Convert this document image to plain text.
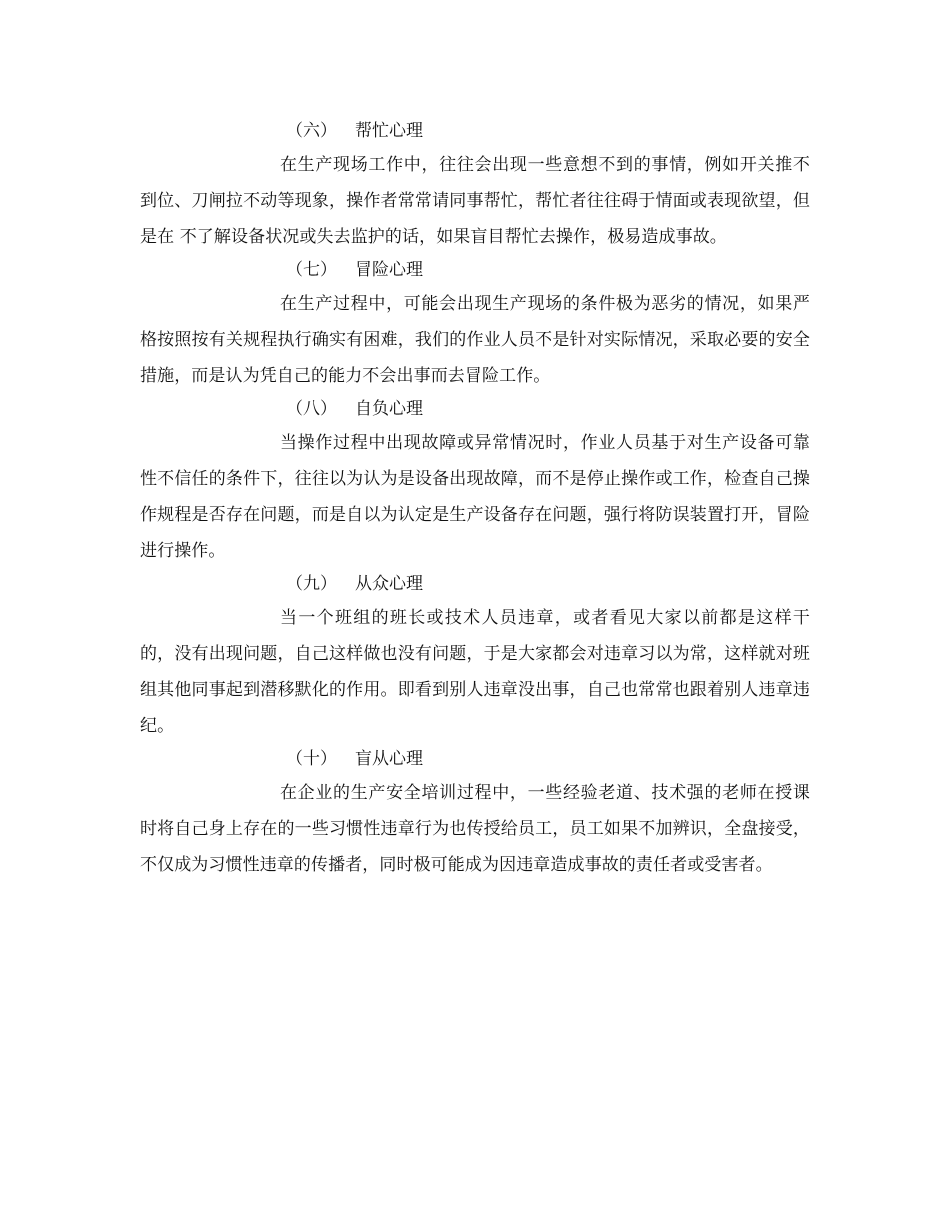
（六） 帮忙心理

在生产现场工作中，往往会出现一些意想不到的事情，例如开关推不到位、刀闸拉不动等现象，操作者常常请同事帮忙，帮忙者往往碍于情面或表现欲望，但是在 不了解设备状况或失去监护的话，如果盲目帮忙去操作，极易造成事故。

（七） 冒险心理

在生产过程中，可能会出现生产现场的条件极为恶劣的情况，如果严格按照按有关规程执行确实有困难，我们的作业人员不是针对实际情况，采取必要的安全措施，而是认为凭自己的能力不会出事而去冒险工作。

（八） 自负心理

当操作过程中出现故障或异常情况时，作业人员基于对生产设备可靠性不信任的条件下，往往以为认为是设备出现故障，而不是停止操作或工作，检查自己操作规程是否存在问题，而是自以为认定是生产设备存在问题，强行将防误装置打开，冒险进行操作。

（九） 从众心理

当一个班组的班长或技术人员违章，或者看见大家以前都是这样干的，没有出现问题，自己这样做也没有问题，于是大家都会对违章习以为常，这样就对班组其他同事起到潜移默化的作用。即看到别人违章没出事，自己也常常也跟着别人违章违纪。

（十） 盲从心理

在企业的生产安全培训过程中，一些经验老道、技术强的老师在授课时将自己身上存在的一些习惯性违章行为也传授给员工，员工如果不加辨识，全盘接受，不仅成为习惯性违章的传播者，同时极可能成为因违章造成事故的责任者或受害者。
